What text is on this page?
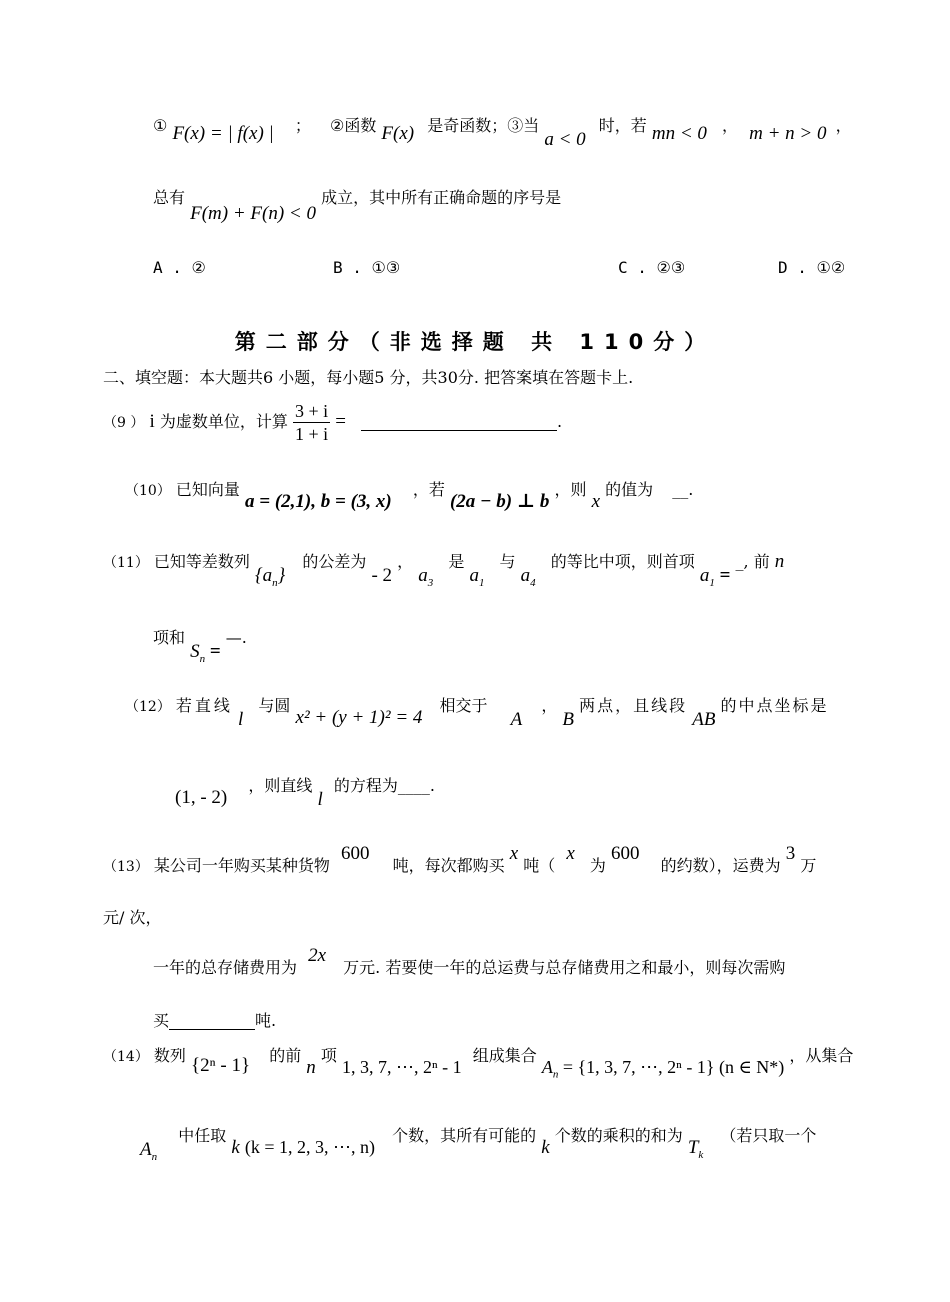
① F(x) = | f(x) | ； ②函数 F(x) 是奇函数；③当 a < 0 时，若 mn < 0 ， m + n > 0 ，
总有 F(m) + F(n) < 0 成立，其中所有正确命题的序号是
A . ②	B . ①③	C . ②③	D . ①②
第二部分（非选择题 共 110分）
二、填空题：本大题共6 小题，每小题5 分，共30分. 把答案填在答题卡上.
（9 ） i 为虚数单位，计算 $\frac{3 + i}{1 + i}$ =	.
（10） 已知向量 a = (2,1), b = (3, x) ，若 (2a − b) ⊥ b ，则 x 的值为 __.
（11） 已知等差数列 $\{a_n\}$ 的公差为 - 2 ， $a_3$ 是 $a_1$ 与 $a_4$ 的等比中项，则首项 $a_1$ = _, 前 n
项和 $S_n$ = —.
（12） 若直线 l 与圆 x² + (y + 1)² = 4 相交于 A ， B 两点，且线段 AB 的中点坐标是
(1, - 2) ，则直线 l 的方程为____.
（13） 某公司一年购买某种货物 600 吨，每次都购买 x 吨（ x 为 600 的约数），运费为 3 万
元/ 次，
一年的总存储费用为 2x 万元. 若要使一年的总运费与总存储费用之和最小，则每次需购
买	吨.
（14） 数列 {2ⁿ - 1} 的前 n 项 1, 3, 7, ⋯, 2ⁿ - 1 组成集合 $A_n = \{1$, 3, 7, ⋯, 2ⁿ - 1} (n ∈ N*) ，从集合
$A_n$ 中任取 k (k = 1, 2, 3, ⋯, n) 个数，其所有可能的 k 个数的乘积的和为 $T_k$ （若只取一个
